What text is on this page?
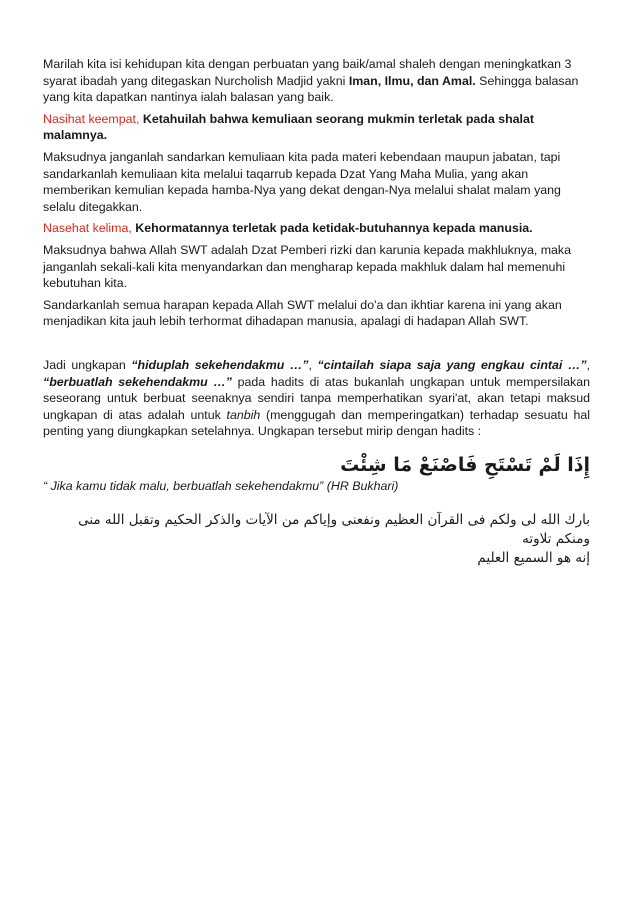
Marilah kita isi kehidupan kita dengan perbuatan yang baik/amal shaleh dengan meningkatkan 3 syarat ibadah yang ditegaskan Nurcholish Madjid yakni Iman, Ilmu, dan Amal. Sehingga balasan yang kita dapatkan nantinya ialah balasan yang baik.

Nasihat keempat, Ketahuilah bahwa kemuliaan seorang mukmin terletak pada shalat malamnya.

Maksudnya janganlah sandarkan kemuliaan kita pada materi kebendaan maupun jabatan, tapi sandarkanlah kemuliaan kita melalui taqarrub kepada Dzat Yang Maha Mulia, yang akan memberikan kemulian kepada hamba-Nya yang dekat dengan-Nya melalui shalat malam yang selalu ditegakkan.

Nasehat kelima, Kehormatannya terletak pada ketidak-butuhannya kepada manusia.

Maksudnya bahwa Allah SWT adalah Dzat Pemberi rizki dan karunia kepada makhluknya, maka janganlah sekali-kali kita menyandarkan dan mengharap kepada makhluk dalam hal memenuhi kebutuhan kita.

Sandarkanlah semua harapan kepada Allah SWT melalui do'a dan ikhtiar karena ini yang akan menjadikan kita jauh lebih terhormat dihadapan manusia, apalagi di hadapan Allah SWT.

Jadi ungkapan “hiduplah sekehendakmu …”, “cintailah siapa saja yang engkau cintai …”, “berbuatlah sekehendakmu …” pada hadits di atas bukanlah ungkapan untuk mempersilakan seseorang untuk berbuat seenaknya sendiri tanpa memperhatikan syari'at, akan tetapi maksud ungkapan di atas adalah untuk tanbih (menggugah dan memperingatkan) terhadap sesuatu hal penting yang diungkapkan setelahnya. Ungkapan tersebut mirip dengan hadits :

إِذَا لَمْ تَسْتَحِ فَاصْنَعْ مَا شِئْتَ

“ Jika kamu tidak malu, berbuatlah sekehendakmu” (HR Bukhari)

بارك الله لى ولكم فى القرآن العظيم ونفعنى وإياكم من الآيات والذكر الحكيم وتقبل الله منى ومنكم تلاوته
إنه هو السميع العليم
